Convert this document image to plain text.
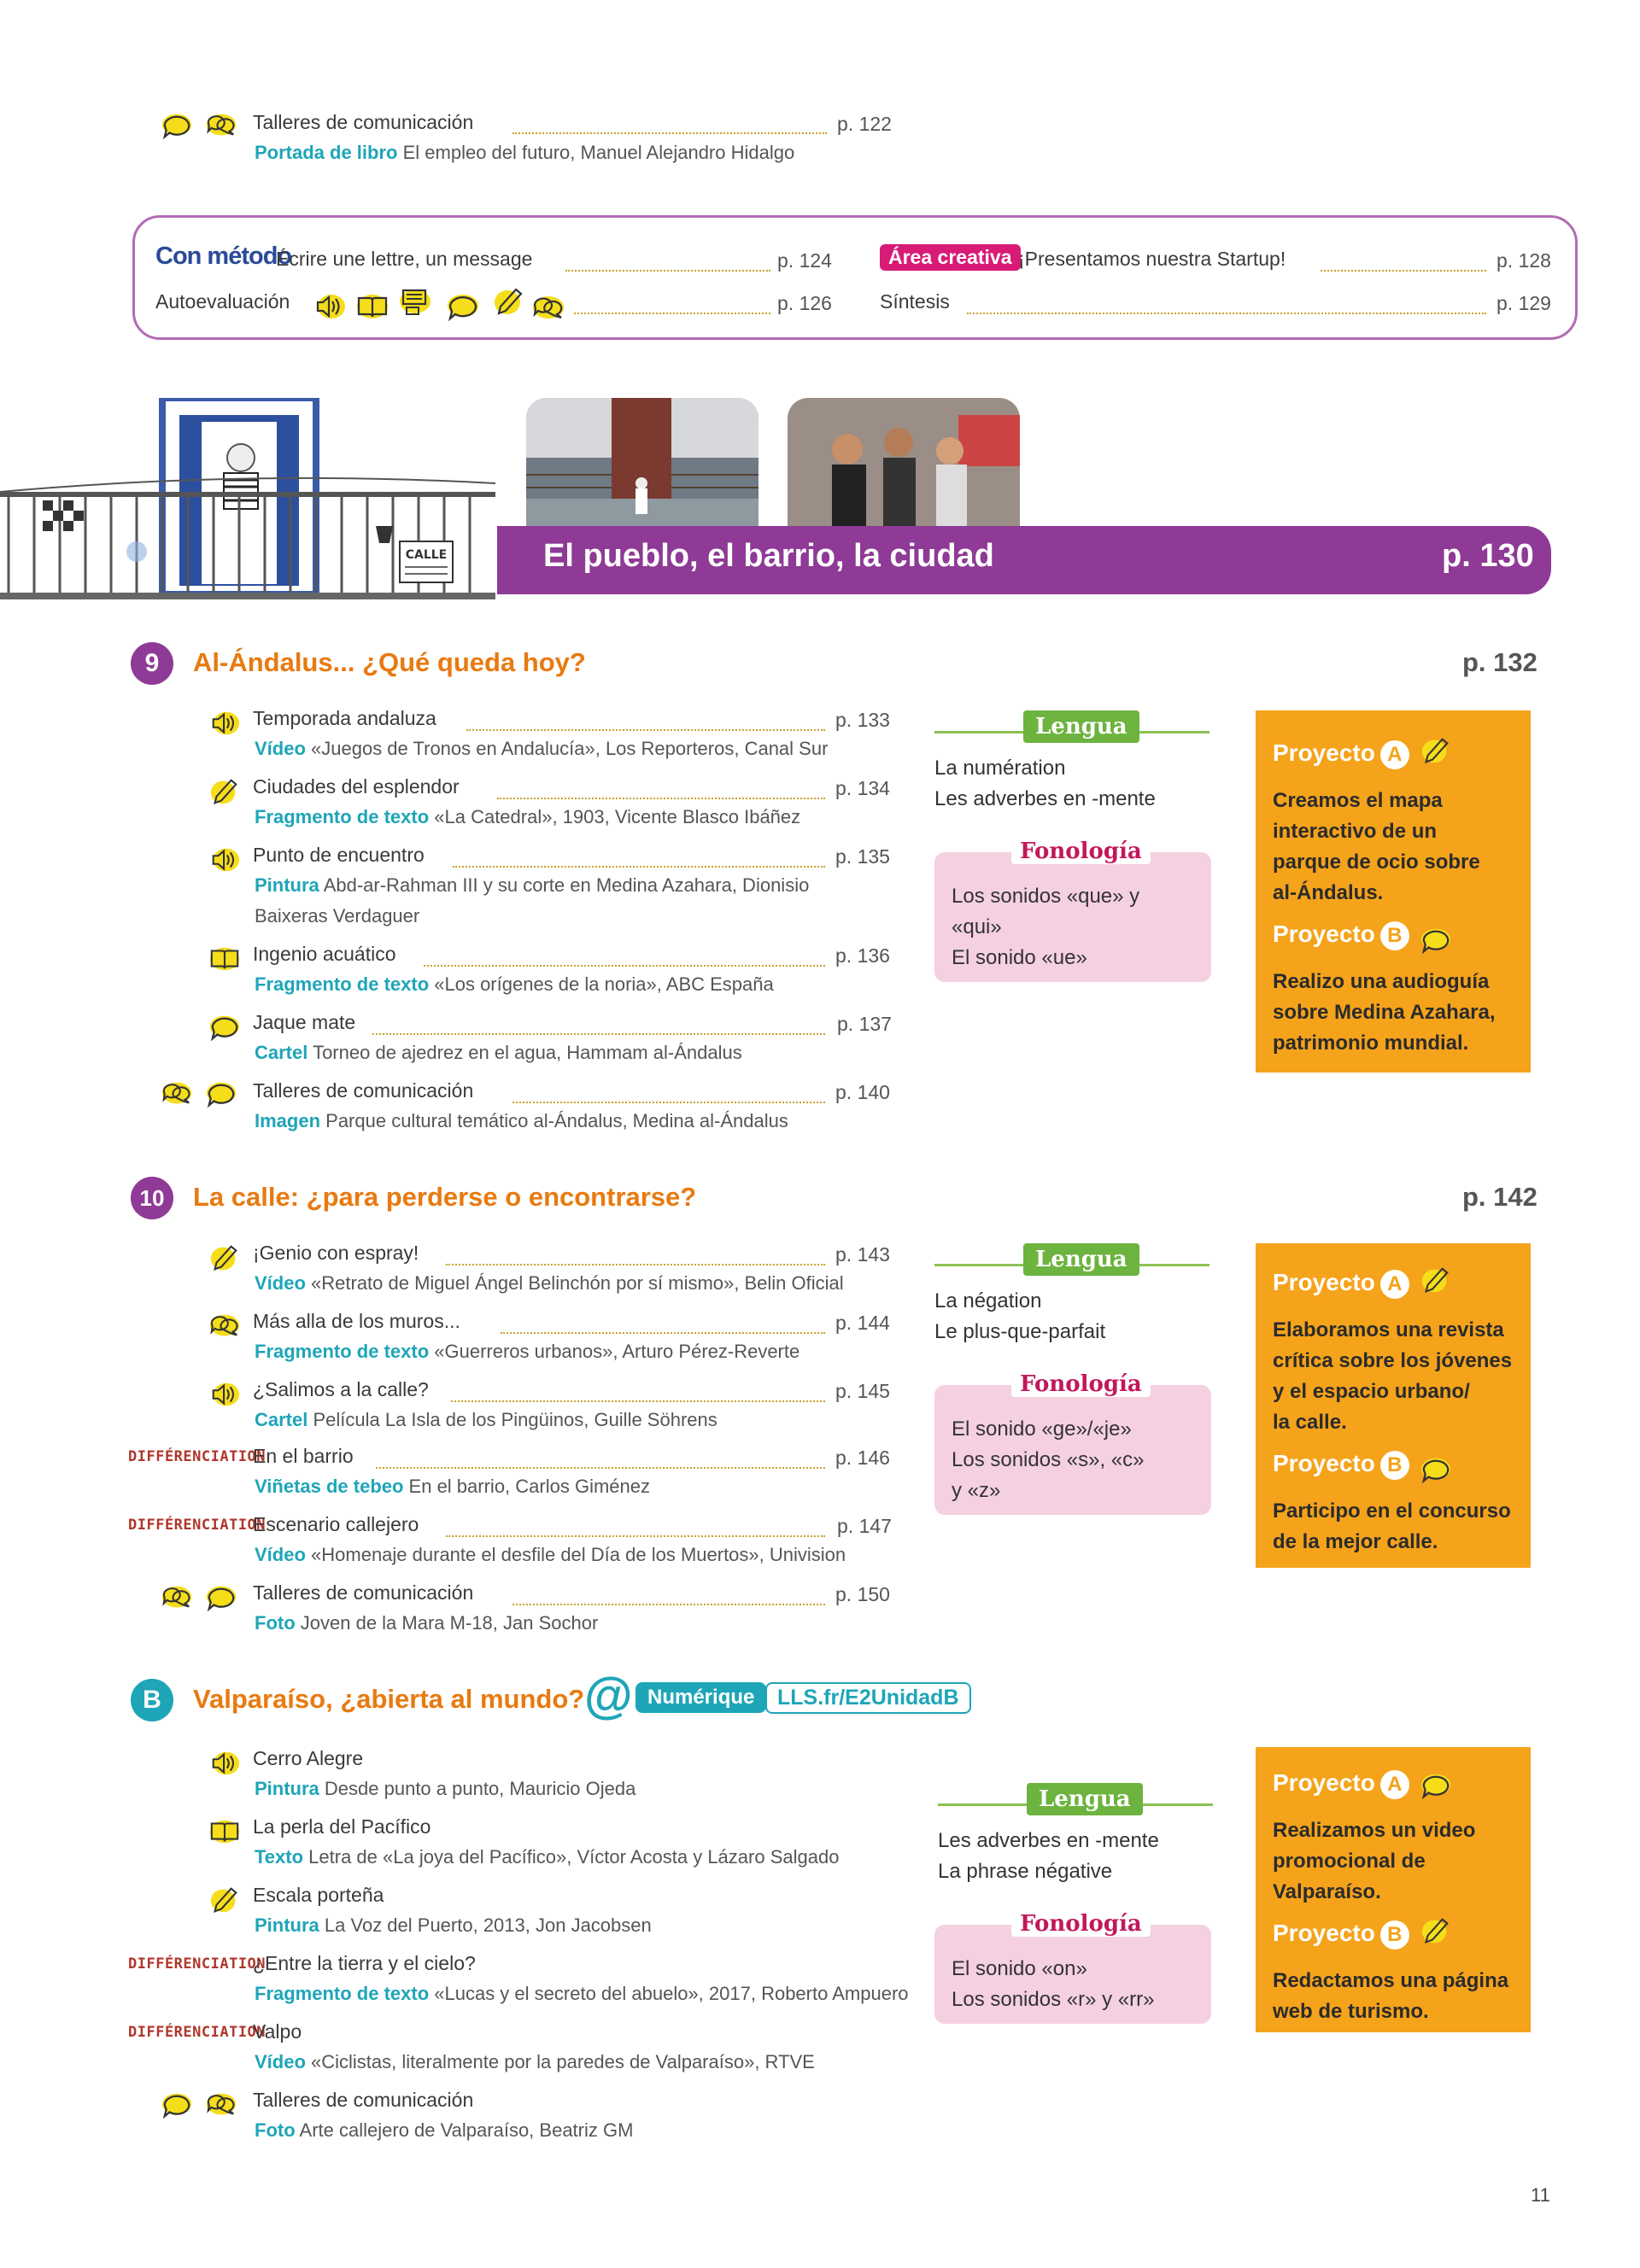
Talleres de comunicación	p. 122
Portada de libro El empleo del futuro, Manuel Alejandro Hidalgo
Con método
Écrire une lettre, un message	p. 124
Autoevaluación	p. 126
Área creativa ¡Presentamos nuestra Startup!	p. 128
Síntesis	p. 129
CALLE	El pueblo, el barrio, la ciudad	p. 130
9	Al-Ándalus... ¿Qué queda hoy?	p. 132
Temporada andaluza	p. 133
Vídeo «Juegos de Tronos en Andalucía», Los Reporteros, Canal Sur
Ciudades del esplendor	p. 134
Fragmento de texto «La Catedral», 1903, Vicente Blasco Ibáñez
Punto de encuentro	p. 135
Pintura Abd-ar-Rahman III y su corte en Medina Azahara, Dionisio
Baixeras Verdaguer
Ingenio acuático	p. 136
Fragmento de texto «Los orígenes de la noria», ABC España
Jaque mate	p. 137
Cartel Torneo de ajedrez en el agua, Hammam al-Ándalus
Talleres de comunicación	p. 140
Imagen Parque cultural temático al-Ándalus, Medina al-Ándalus
Lengua
La numération
Les adverbes en -mente
Fonología
Los sonidos «que» y
«qui»
El sonido «ue»
Proyecto A
Creamos el mapa
interactivo de un
parque de ocio sobre
al-Ándalus.
Proyecto B
Realizo una audioguía
sobre Medina Azahara,
patrimonio mundial.
10	La calle: ¿para perderse o encontrarse?	p. 142
¡Genio con espray!	p. 143
Vídeo «Retrato de Miguel Ángel Belinchón por sí mismo», Belin Oficial
Más alla de los muros...	p. 144
Fragmento de texto «Guerreros urbanos», Arturo Pérez-Reverte
¿Salimos a la calle?	p. 145
Cartel Película La Isla de los Pingüinos, Guille Söhrens
DIFFÉRENCIATION
En el barrio	p. 146
Viñetas de tebeo En el barrio, Carlos Giménez
DIFFÉRENCIATION
Escenario callejero	p. 147
Vídeo «Homenaje durante el desfile del Día de los Muertos», Univision
Talleres de comunicación	p. 150
Foto Joven de la Mara M-18, Jan Sochor
Lengua
La négation
Le plus-que-parfait
Fonología
El sonido «ge»/«je»
Los sonidos «s», «c»
y «z»
Proyecto A
Elaboramos una revista
crítica sobre los jóvenes
y el espacio urbano/
la calle.
Proyecto B
Participo en el concurso
de la mejor calle.
B	Valparaíso, ¿abierta al mundo? @ Numérique	LLS.fr/E2UnidadB
Cerro Alegre
Pintura Desde punto a punto, Mauricio Ojeda
La perla del Pacífico
Texto Letra de «La joya del Pacífico», Víctor Acosta y Lázaro Salgado
Escala porteña
Pintura La Voz del Puerto, 2013, Jon Jacobsen
DIFFÉRENCIATION
¿Entre la tierra y el cielo?
Fragmento de texto «Lucas y el secreto del abuelo», 2017, Roberto Ampuero
DIFFÉRENCIATION
Valpo
Vídeo «Ciclistas, literalmente por la paredes de Valparaíso», RTVE
Talleres de comunicación
Foto Arte callejero de Valparaíso, Beatriz GM
Lengua
Les adverbes en -mente
La phrase négative
Fonología
El sonido «on»
Los sonidos «r» y «rr»
Proyecto A
Realizamos un video
promocional de
Valparaíso.
Proyecto B
Redactamos una página
web de turismo.
11
